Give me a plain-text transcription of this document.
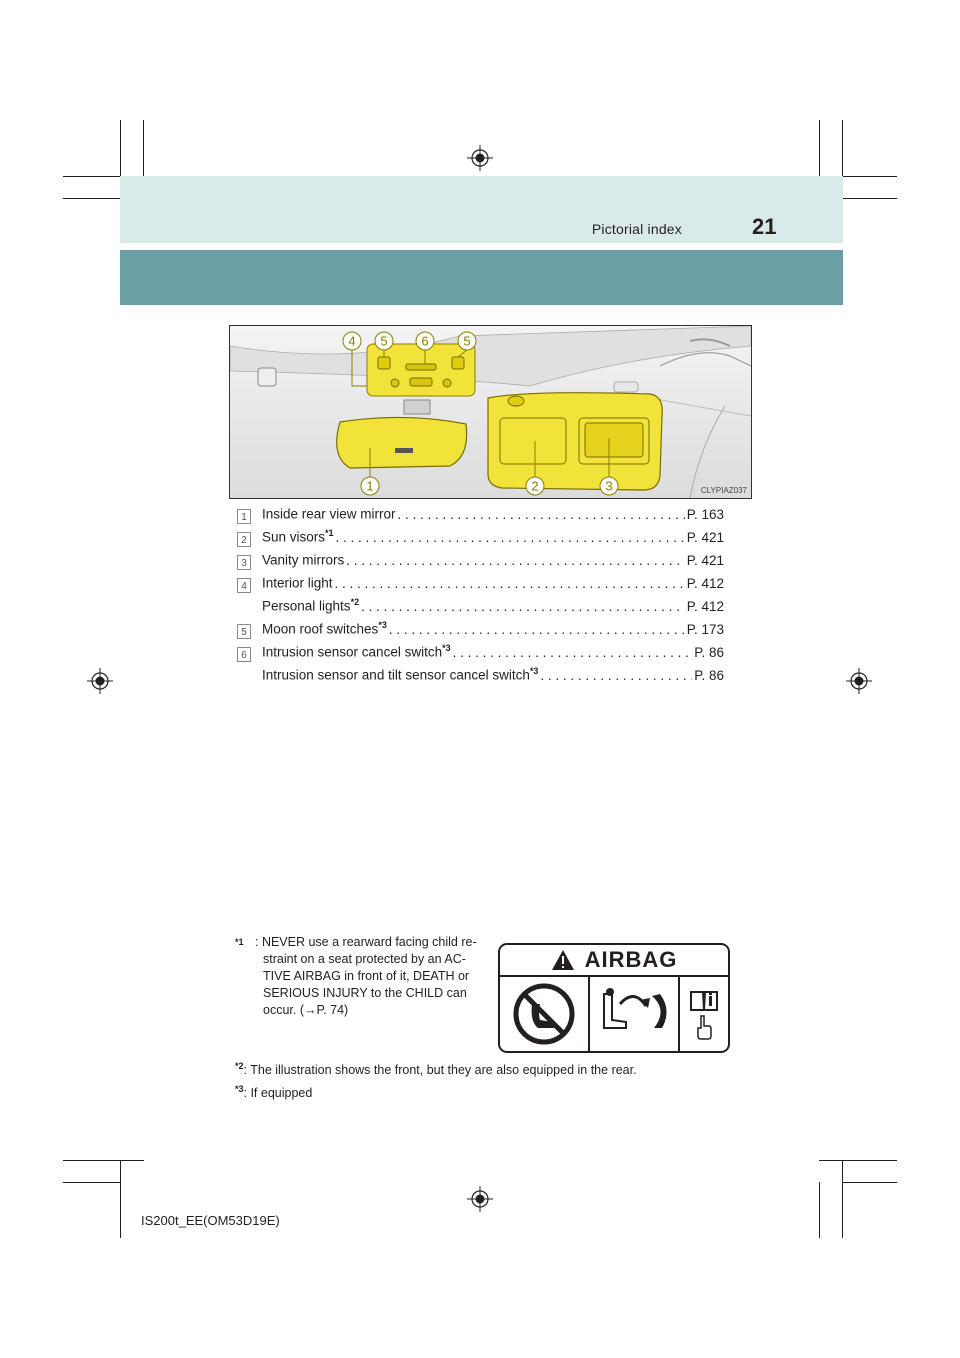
Pictorial index	21
4 5	6	5
1	2	3	CLYPIAZ037
1	Inside rear view mirror . . .	P. 163
2	Sun visors$^{*1}$ . . .	P. 421
3	Vanity mirrors . . .	P. 421
4	Interior light . . .	P. 412
Personal lights$^{*2}$ . . .	P. 412
5	Moon roof switches$^{*3}$ . . .	P. 173
6	Intrusion sensor cancel switch$^{*3}$ . . .	P. 86
Intrusion sensor and tilt sensor cancel switch$^{*3}$ . . .	P. 86
$^{*1}$ : NEVER use a rearward facing child re-
straint on a seat protected by an AC-
TIVE AIRBAG in front of it, DEATH or
SERIOUS INJURY to the CHILD can
occur. (→P. 74)
AIRBAG
$^{*2}$: The illustration shows the front, but they are also equipped in the rear.
$^{*3}$: If equipped
IS200t_EE(OM53D19E)
